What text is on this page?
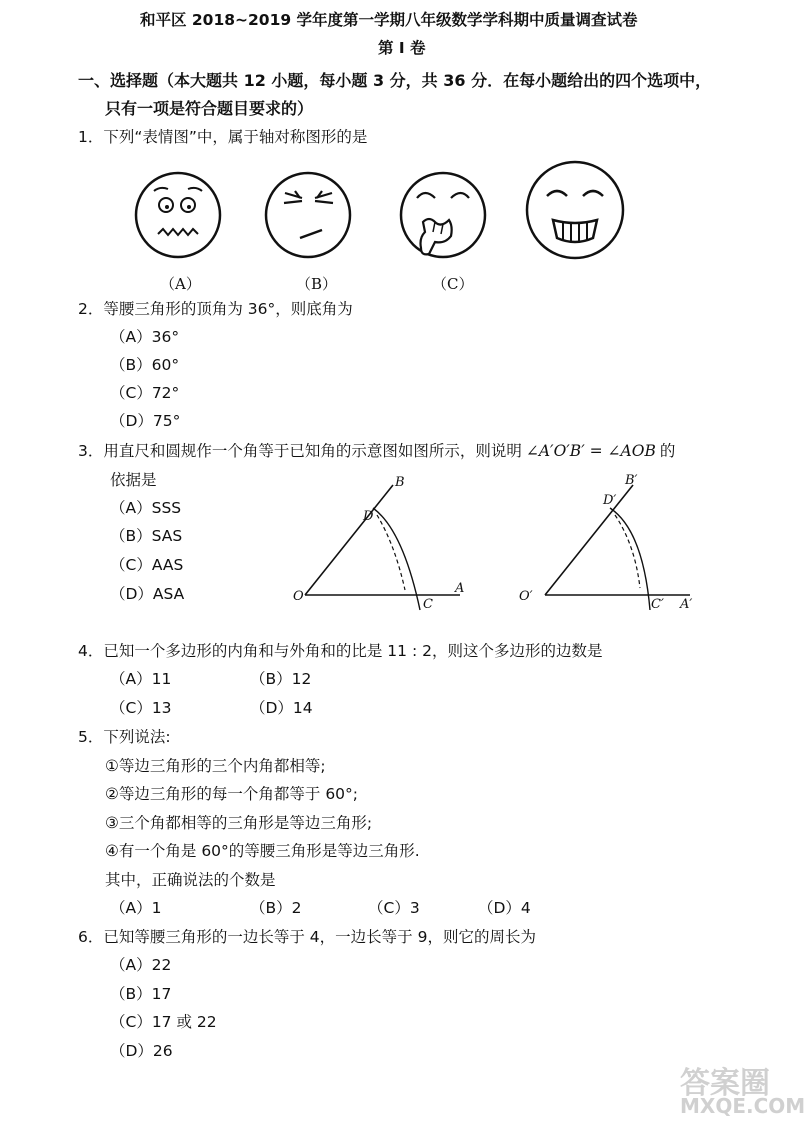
和平区 2018~2019 学年度第一学期八年级数学学科期中质量调查试卷
第 I 卷
一、选择题（本大题共 12 小题，每小题 3 分，共 36 分．在每小题给出的四个选项中，
只有一项是符合题目要求的）
1．下列“表情图”中，属于轴对称图形的是
（A）	（B）	（C）
2．等腰三角形的顶角为 36°，则底角为
（A）36°
（B）60°
（C）72°
（D）75°
3．用直尺和圆规作一个角等于已知角的示意图如图所示，则说明 ∠A′O′B′ = ∠AOB 的
依据是
（A）SSS
（B）SAS
（C）AAS
（D）ASA	O
A
B
C
D
O′
A′
B′
C′
D′
4．已知一个多边形的内角和与外角和的比是 11 : 2，则这个多边形的边数是
（A）11	（B）12
（C）13	（D）14
5．下列说法:
①等边三角形的三个内角都相等;
②等边三角形的每一个角都等于 60°;
③三个角都相等的三角形是等边三角形;
④有一个角是 60°的等腰三角形是等边三角形.
其中，正确说法的个数是
（A）1	（B）2	（C）3	（D）4
6．已知等腰三角形的一边长等于 4，一边长等于 9，则它的周长为
（A）22
（B）17
（C）17 或 22
（D）26
答案圈
MXQE.COM
